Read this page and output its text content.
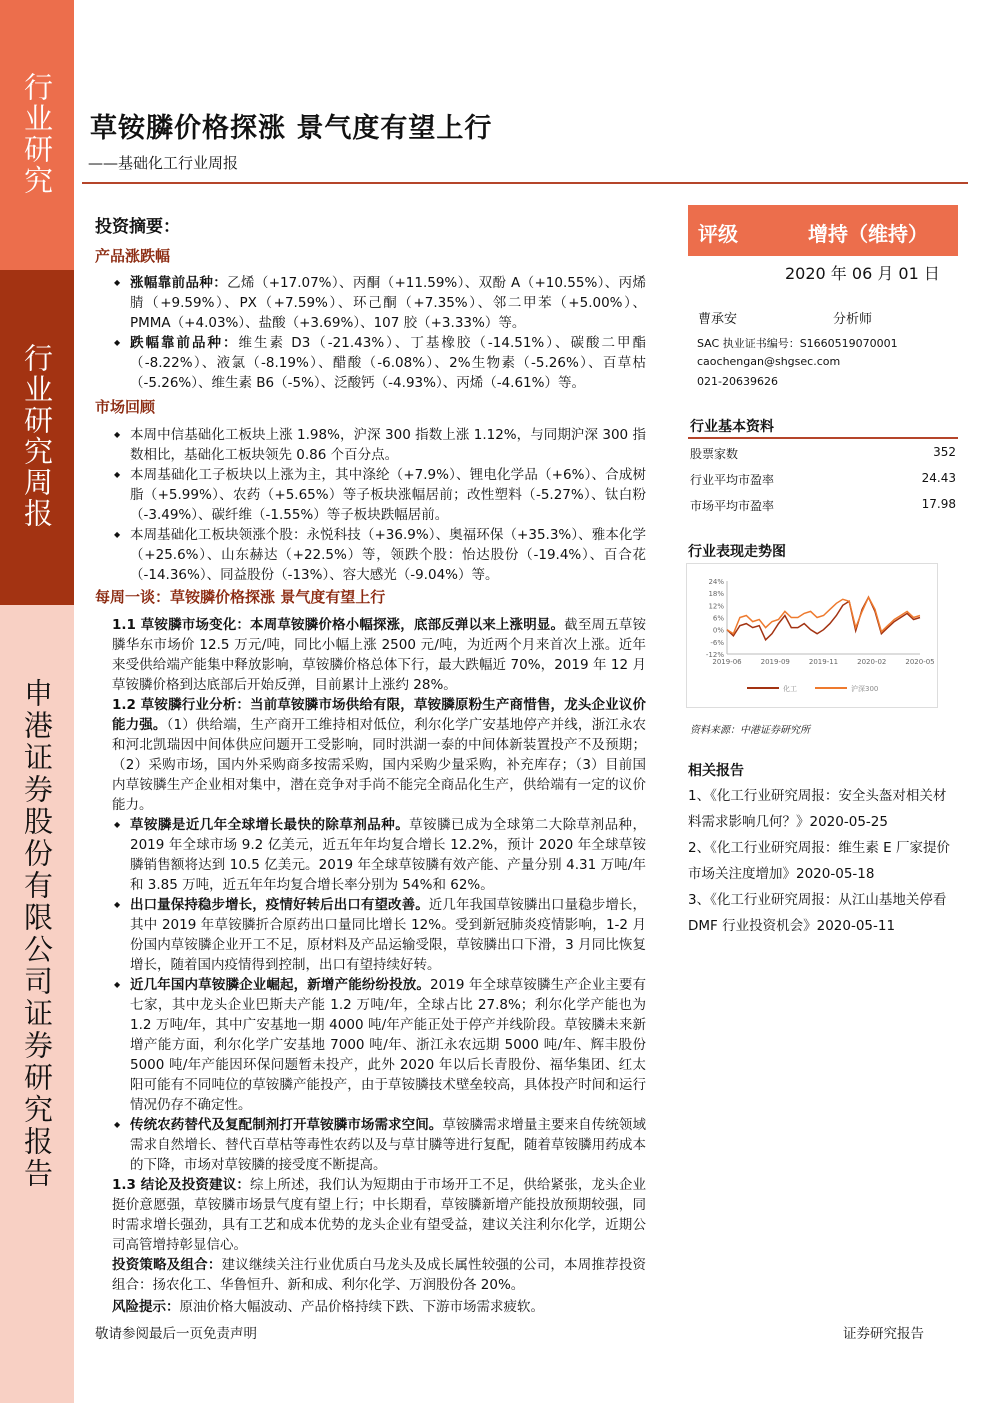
行业研究
行业研究周报
申港证券股份有限公司证券研究报告
草铵膦价格探涨 景气度有望上行
——基础化工行业周报
投资摘要：
产品涨跌幅
◆ 涨幅靠前品种：乙烯（+17.07%）、丙酮（+11.59%）、双酚 A（+10.55%）、丙烯腈（+9.59%）、PX（+7.59%）、环己酮（+7.35%）、邻二甲苯（+5.00%）、PMMA（+4.03%）、盐酸（+3.69%）、107 胶（+3.33%）等。
◆ 跌幅靠前品种：维生素 D3（-21.43%）、丁基橡胶（-14.51%）、碳酸二甲酯（-8.22%）、液氯（-8.19%）、醋酸（-6.08%）、2%生物素（-5.26%）、百草枯（-5.26%）、维生素 B6（-5%）、泛酸钙（-4.93%）、丙烯（-4.61%）等。
市场回顾
◆ 本周中信基础化工板块上涨 1.98%，沪深 300 指数上涨 1.12%，与同期沪深 300 指数相比，基础化工板块领先 0.86 个百分点。
◆ 本周基础化工子板块以上涨为主，其中涤纶（+7.9%）、锂电化学品（+6%）、合成树脂（+5.99%）、农药（+5.65%）等子板块涨幅居前；改性塑料（-5.27%）、钛白粉（-3.49%）、碳纤维（-1.55%）等子板块跌幅居前。
◆ 本周基础化工板块领涨个股：永悦科技（+36.9%）、奥福环保（+35.3%）、雅本化学（+25.6%）、山东赫达（+22.5%）等，领跌个股：怡达股份（-19.4%）、百合花（-14.36%）、同益股份（-13%）、容大感光（-9.04%）等。
每周一谈：草铵膦价格探涨 景气度有望上行

1.1 草铵膦市场变化：本周草铵膦价格小幅探涨，底部反弹以来上涨明显。截至周五草铵膦华东市场价 12.5 万元/吨，同比小幅上涨 2500 元/吨，为近两个月来首次上涨。近年来受供给端产能集中释放影响，草铵膦价格总体下行，最大跌幅近 70%，2019 年 12 月草铵膦价格到达底部后开始反弹，目前累计上涨约 28%。

1.2 草铵膦行业分析：当前草铵膦市场供给有限，草铵膦原粉生产商惜售，龙头企业议价能力强。（1）供给端，生产商开工维持相对低位，利尔化学广安基地停产并线，浙江永农和河北凯瑞因中间体供应问题开工受影响，同时洪湖一泰的中间体新装置投产不及预期；（2）采购市场，国内外采购商多按需采购，国内采购少量采购，补充库存；（3）目前国内草铵膦生产企业相对集中，潜在竞争对手尚不能完全商品化生产，供给端有一定的议价能力。

◆ 草铵膦是近几年全球增长最快的除草剂品种。草铵膦已成为全球第二大除草剂品种，2019 年全球市场 9.2 亿美元，近五年年均复合增长 12.2%，预计 2020 年全球草铵膦销售额将达到 10.5 亿美元。2019 年全球草铵膦有效产能、产量分别 4.31 万吨/年和 3.85 万吨，近五年年均复合增长率分别为 54%和 62%。
◆ 出口量保持稳步增长，疫情好转后出口有望改善。近几年我国草铵膦出口量稳步增长，其中 2019 年草铵膦折合原药出口量同比增长 12%。受到新冠肺炎疫情影响，1-2 月份国内草铵膦企业开工不足，原材料及产品运输受限，草铵膦出口下滑，3 月同比恢复增长，随着国内疫情得到控制，出口有望持续好转。
◆ 近几年国内草铵膦企业崛起，新增产能纷纷投放。2019 年全球草铵膦生产企业主要有七家，其中龙头企业巴斯夫产能 1.2 万吨/年，全球占比 27.8%；利尔化学产能也为 1.2 万吨/年，其中广安基地一期 4000 吨/年产能正处于停产并线阶段。草铵膦未来新增产能方面，利尔化学广安基地 7000 吨/年、浙江永农远期 5000 吨/年、辉丰股份 5000 吨/年产能因环保问题暂未投产，此外 2020 年以后长青股份、福华集团、红太阳可能有不同吨位的草铵膦产能投产，由于草铵膦技术壁垒较高，具体投产时间和运行情况仍存不确定性。
◆ 传统农药替代及复配制剂打开草铵膦市场需求空间。草铵膦需求增量主要来自传统领域需求自然增长、替代百草枯等毒性农药以及与草甘膦等进行复配，随着草铵膦用药成本的下降，市场对草铵膦的接受度不断提高。

1.3 结论及投资建议：综上所述，我们认为短期由于市场开工不足，供给紧张，龙头企业挺价意愿强，草铵膦市场景气度有望上行；中长期看，草铵膦新增产能投放预期较强，同时需求增长强劲，具有工艺和成本优势的龙头企业有望受益，建议关注利尔化学，近期公司高管增持彰显信心。

投资策略及组合：建议继续关注行业优质白马龙头及成长属性较强的公司，本周推荐投资组合：扬农化工、华鲁恒升、新和成、利尔化学、万润股份各 20%。

风险提示：原油价格大幅波动、产品价格持续下跌、下游市场需求疲软。

评级	增持（维持）
2020 年 06 月 01 日
曹承安	分析师
SAC 执业证书编号：S1660519070001
caochengan@shgsec.com
021-20639626
行业基本资料
股票家数	352
行业平均市盈率	24.43
市场平均市盈率	17.98
行业表现走势图
24%
18%
12%
6%
0%
-6%
-12%
2019-06	2019-09	2019-11	2020-02	2020-05
化工	沪深300
资料来源：中港证券研究所
相关报告
1、《化工行业研究周报：安全头盔对相关材料需求影响几何？》2020-05-25
2、《化工行业研究周报：维生素 E 厂家提价 市场关注度增加》2020-05-18
3、《化工行业研究周报：从江山基地关停看 DMF 行业投资机会》2020-05-11
敬请参阅最后一页免责声明	证券研究报告
